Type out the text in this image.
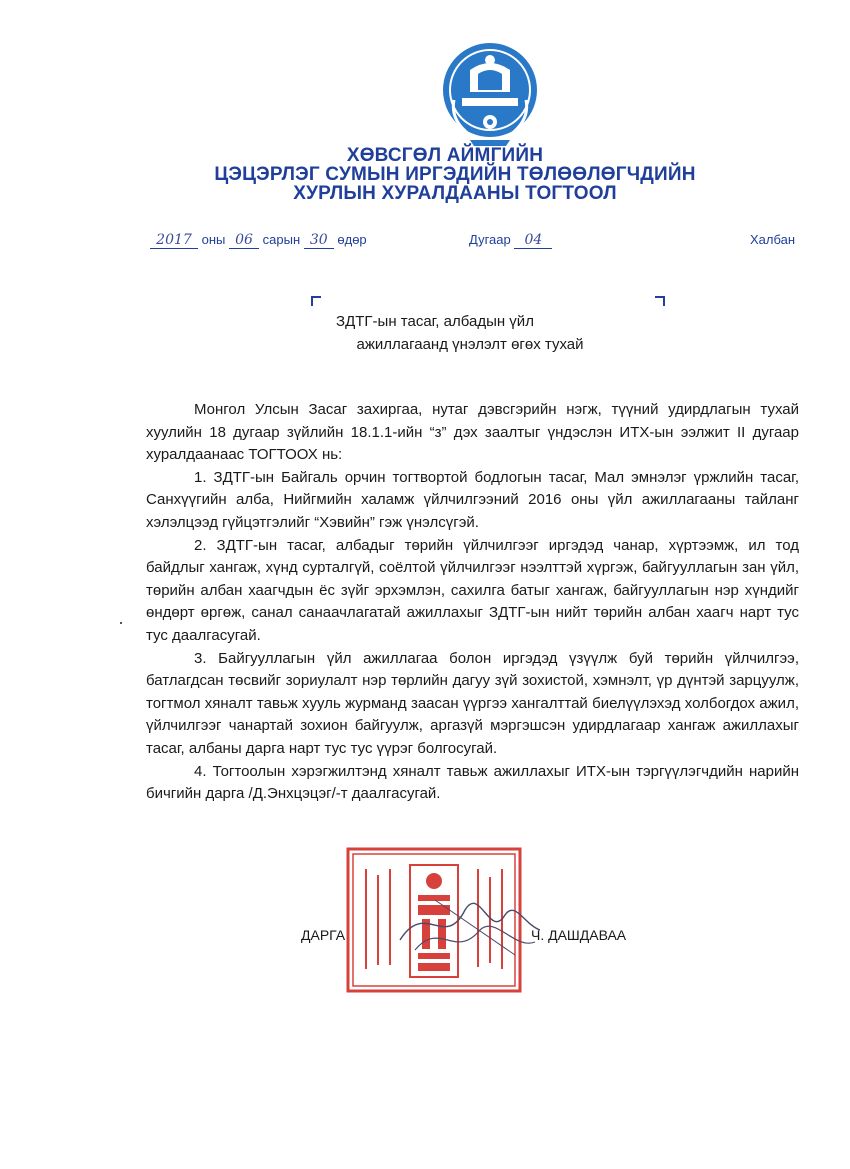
ХӨВСГӨЛ АЙМГИЙН
ЦЭЦЭРЛЭГ СУМЫН ИРГЭДИЙН ТӨЛӨӨЛӨГЧДИЙН
ХУРЛЫН ХУРАЛДААНЫ ТОГТООЛ
2017 оны 06 сарын 30 өдөр	Дугаар 04	Халбан
ЗДТГ-ын тасаг, албадын үйл
ажиллагаанд үнэлэлт өгөх тухай

Монгол Улсын Засаг захиргаа, нутаг дэвсгэрийн нэгж, түүний удирдлагын тухай хуулийн 18 дугаар зүйлийн 18.1.1-ийн “з” дэх заалтыг үндэслэн ИТХ-ын ээлжит II дугаар хуралдаанаас ТОГТООХ нь:

1. ЗДТГ-ын Байгаль орчин тогтвортой бодлогын тасаг, Мал эмнэлэг үржлийн тасаг, Санхүүгийн алба, Нийгмийн халамж үйлчилгээний 2016 оны үйл ажиллагааны тайланг хэлэлцээд гүйцэтгэлийг “Хэвийн” гэж үнэлсүгэй.

2. ЗДТГ-ын тасаг, албадыг төрийн үйлчилгээг иргэдэд чанар, хүртээмж, ил тод байдлыг хангаж, хүнд сурталгүй, соёлтой үйлчилгээг нээлттэй хүргэж, байгууллагын зан үйл, төрийн албан хаагчдын ёс зүйг эрхэмлэн, сахилга батыг хангаж, байгууллагын нэр хүндийг өндөрт өргөж, санал санаачлагатай ажиллахыг ЗДТГ-ын нийт төрийн албан хаагч нарт тус тус даалгасугай.

3. Байгууллагын үйл ажиллагаа болон иргэдэд үзүүлж буй төрийн үйлчилгээ, батлагдсан төсвийг зориулалт нэр төрлийн дагуу зүй зохистой, хэмнэлт, үр дүнтэй зарцуулж, тогтмол хяналт тавьж хууль журманд заасан үүргээ хангалттай биелүүлэхэд холбогдох ажил, үйлчилгээг чанартай зохион байгуулж, аргазүй мэргэшсэн удирдлагаар хангаж ажиллахыг тасаг, албаны дарга нарт тус тус үүрэг болгосугай.

4. Тогтоолын хэрэгжилтэнд хяналт тавьж ажиллахыг ИТХ-ын тэргүүлэгчдийн нарийн бичгийн дарга /Д.Энхцэцэг/-т даалгасугай.

ДАРГА	Ч. ДАШДАВАА
